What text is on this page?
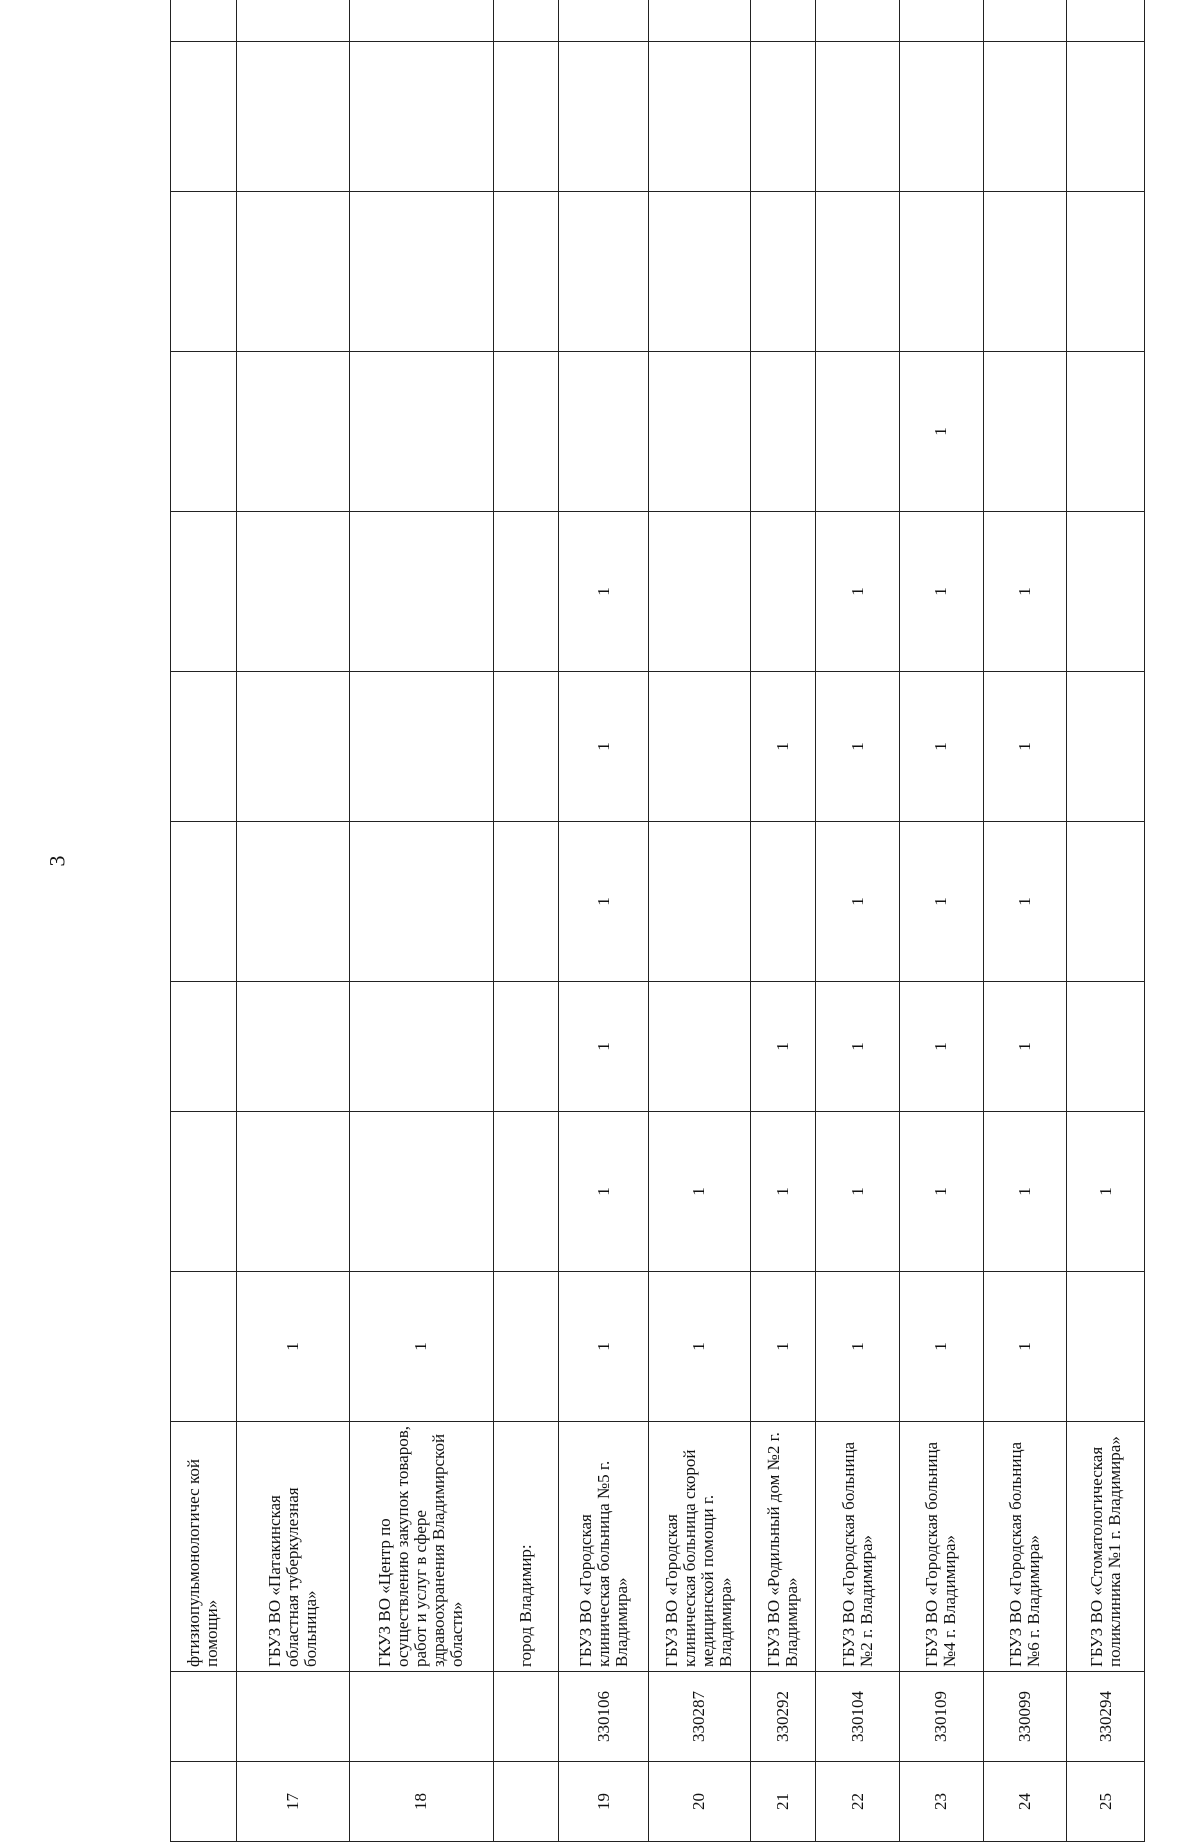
3
		фтизиопульмонологичес кой помощи»										
17		ГБУЗ ВО «Патакинская областная туберкулезная больница»	1									
18		ГКУЗ ВО «Центр по осуществлению закупок товаров, работ и услуг в сфере здравоохранения Владимирской области»	1									
		город Владимир:										
19	330106	ГБУЗ ВО «Городская клиническая больница №5 г. Владимира»	1	1	1	1	1	1				
20	330287	ГБУЗ ВО «Городская клиническая больница скорой медицинской помощи г. Владимира»	1	1								
21	330292	ГБУЗ ВО «Родильный дом №2 г. Владимира»	1	1	1		1					
22	330104	ГБУЗ ВО «Городская больница №2 г. Владимира»	1	1	1	1	1	1				
23	330109	ГБУЗ ВО «Городская больница №4 г. Владимира»	1	1	1	1	1	1	1			
24	330099	ГБУЗ ВО «Городская больница №6 г. Владимира»	1	1	1	1	1	1				
25	330294	ГБУЗ ВО «Стоматологическая поликлиника №1 г. Владимира»		1								
